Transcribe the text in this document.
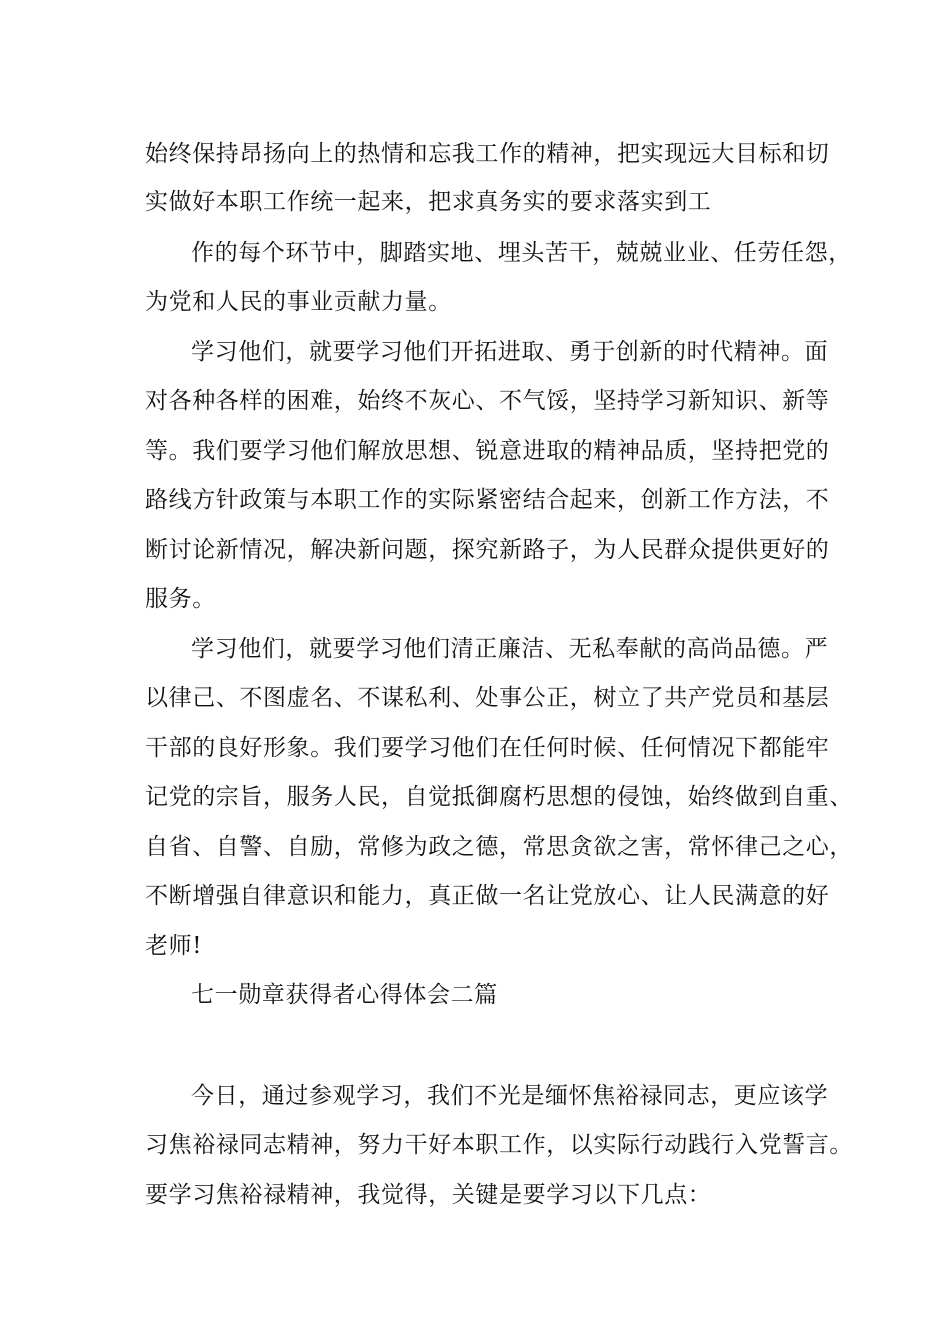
始终保持昂扬向上的热情和忘我工作的精神，把实现远大目标和切
实做好本职工作统一起来，把求真务实的要求落实到工
作的每个环节中，脚踏实地、埋头苦干，兢兢业业、任劳任怨，
为党和人民的事业贡献力量。
学习他们，就要学习他们开拓进取、勇于创新的时代精神。面
对各种各样的困难，始终不灰心、不气馁，坚持学习新知识、新等
等。我们要学习他们解放思想、锐意进取的精神品质，坚持把党的
路线方针政策与本职工作的实际紧密结合起来，创新工作方法，不
断讨论新情况，解决新问题，探究新路子，为人民群众提供更好的
服务。
学习他们，就要学习他们清正廉洁、无私奉献的高尚品德。严
以律己、不图虚名、不谋私利、处事公正，树立了共产党员和基层
干部的良好形象。我们要学习他们在任何时候、任何情况下都能牢
记党的宗旨，服务人民，自觉抵御腐朽思想的侵蚀，始终做到自重、
自省、自警、自励，常修为政之德，常思贪欲之害，常怀律己之心，
不断增强自律意识和能力，真正做一名让党放心、让人民满意的好
老师!
七一勋章获得者心得体会二篇
今日，通过参观学习，我们不光是缅怀焦裕禄同志，更应该学
习焦裕禄同志精神，努力干好本职工作，以实际行动践行入党誓言。
要学习焦裕禄精神，我觉得，关键是要学习以下几点：
